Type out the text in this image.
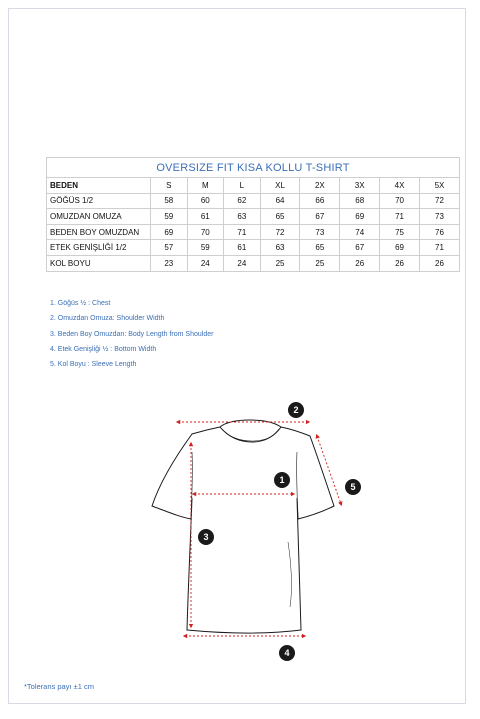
OVERSIZE FIT KISA KOLLU T-SHIRT								
BEDEN	S	M	L	XL	2X	3X	4X	5X
GÖĞÜS 1/2	58	60	62	64	66	68	70	72
OMUZDAN OMUZA	59	61	63	65	67	69	71	73
BEDEN BOY OMUZDAN	69	70	71	72	73	74	75	76
ETEK GENİŞLİĞİ 1/2	57	59	61	63	65	67	69	71
KOL BOYU	23	24	24	25	25	26	26	26
1. Göğüs ½ : Chest
2. Omuzdan Omuza: Shoulder Width
3. Beden Boy Omuzdan: Body Length from Shoulder
4. Etek Genişliği ½ : Bottom Width
5. Kol Boyu : Sleeve Length
1
2
3
4
5
*Tolerans payı ±1 cm
